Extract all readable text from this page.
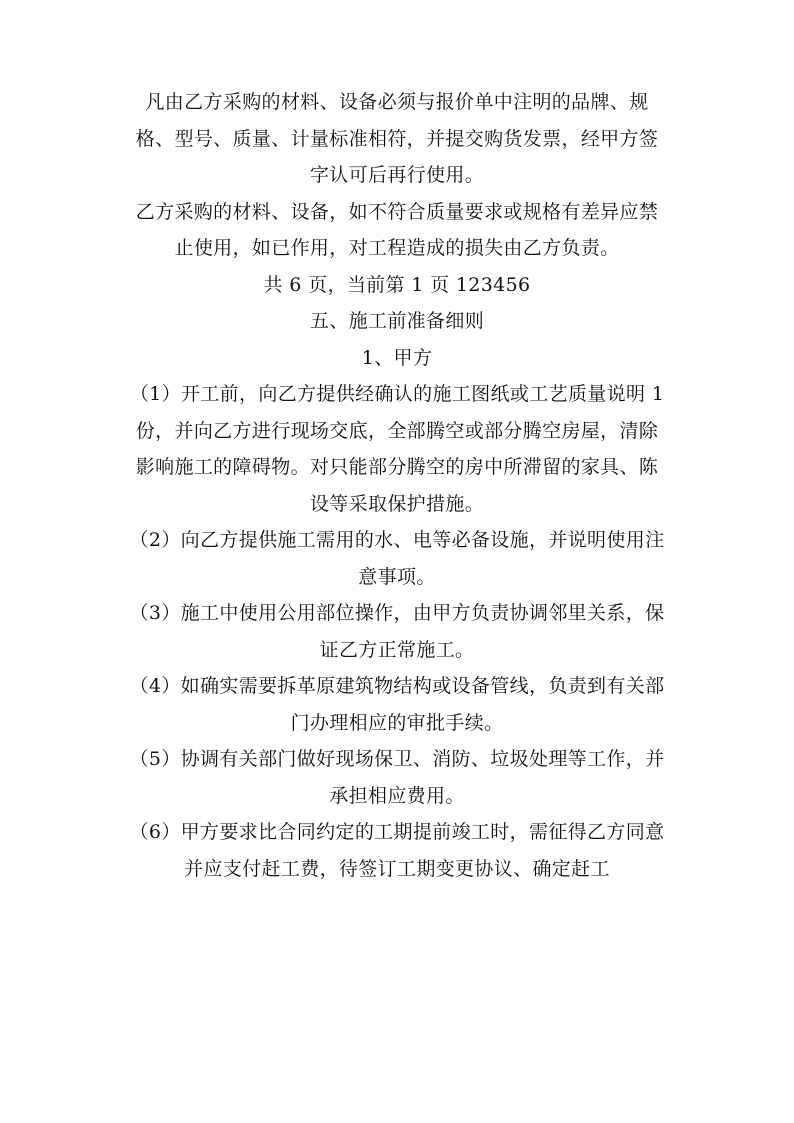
凡由乙方采购的材料、设备必须与报价单中注明的品牌、规格、型号、质量、计量标准相符，并提交购货发票，经甲方签字认可后再行使用。

乙方采购的材料、设备，如不符合质量要求或规格有差异应禁止使用，如已作用，对工程造成的损失由乙方负责。

共 6 页，当前第 1 页 123456

五、施工前准备细则

1、甲方

（1）开工前，向乙方提供经确认的施工图纸或工艺质量说明 1 份，并向乙方进行现场交底，全部腾空或部分腾空房屋，清除影响施工的障碍物。对只能部分腾空的房中所滞留的家具、陈设等采取保护措施。

（2）向乙方提供施工需用的水、电等必备设施，并说明使用注意事项。

（3）施工中使用公用部位操作，由甲方负责协调邻里关系，保证乙方正常施工。

（4）如确实需要拆革原建筑物结构或设备管线，负责到有关部门办理相应的审批手续。

（5）协调有关部门做好现场保卫、消防、垃圾处理等工作，并承担相应费用。

（6）甲方要求比合同约定的工期提前竣工时，需征得乙方同意并应支付赶工费，待签订工期变更协议、确定赶工
